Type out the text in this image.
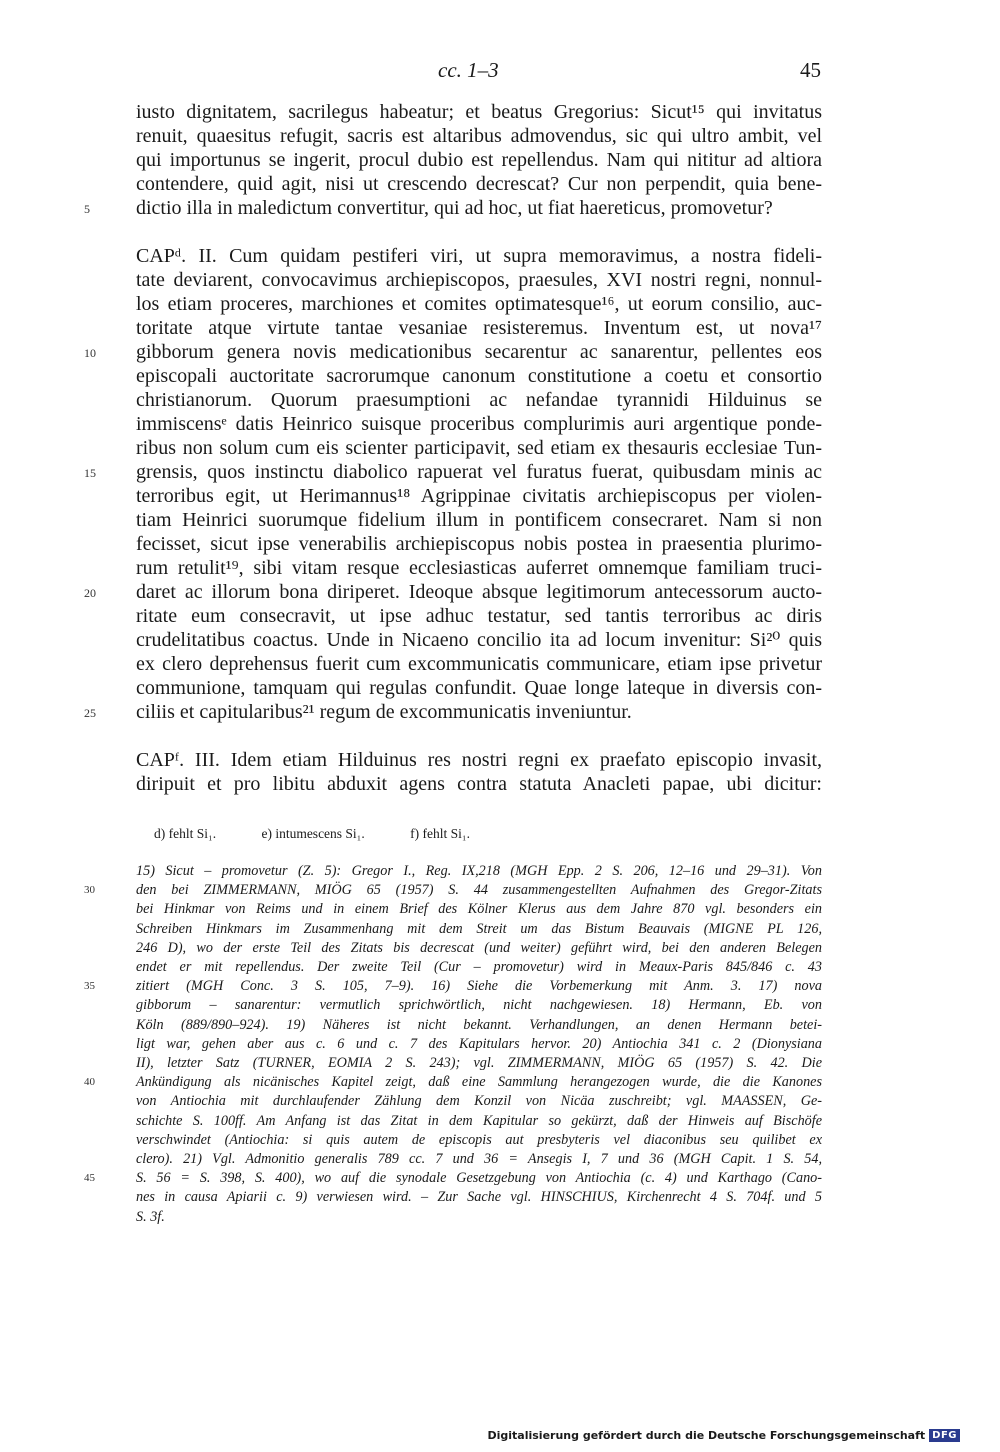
cc. 1–3	45
iusto dignitatem, sacrilegus habeatur; et beatus Gregorius: Sicut¹⁵ qui invitatus
renuit, quaesitus refugit, sacris est altaribus admovendus, sic qui ultro ambit, vel
qui importunus se ingerit, procul dubio est repellendus. Nam qui nititur ad altiora
contendere, quid agit, nisi ut crescendo decrescat? Cur non perpendit, quia bene-
dictio illa in maledictum convertitur, qui ad hoc, ut fiat haereticus, promovetur?
5
CAPᵈ. II. Cum quidam pestiferi viri, ut supra memoravimus, a nostra fideli-
tate deviarent, convocavimus archiepiscopos, praesules, XVI nostri regni, nonnul-
los etiam proceres, marchiones et comites optimatesque¹⁶, ut eorum consilio, auc-
toritate atque virtute tantae vesaniae resisteremus. Inventum est, ut nova¹⁷
gibborum genera novis medicationibus secarentur ac sanarentur, pellentes eos
10
episcopali auctoritate sacrorumque canonum constitutione a coetu et consortio
christianorum. Quorum praesumptioni ac nefandae tyrannidi Hilduinus se
immiscensᵉ datis Heinrico suisque proceribus complurimis auri argentique ponde-
ribus non solum cum eis scienter participavit, sed etiam ex thesauris ecclesiae Tun-
grensis, quos instinctu diabolico rapuerat vel furatus fuerat, quibusdam minis ac
15
terroribus egit, ut Herimannus¹⁸ Agrippinae civitatis archiepiscopus per violen-
tiam Heinrici suorumque fidelium illum in pontificem consecraret. Nam si non
fecisset, sicut ipse venerabilis archiepiscopus nobis postea in praesentia plurimo-
rum retulit¹⁹, sibi vitam resque ecclesiasticas auferret omnemque familiam truci-
daret ac illorum bona diriperet. Ideoque absque legitimorum antecessorum aucto-
20
ritate eum consecravit, ut ipse adhuc testatur, sed tantis terroribus ac diris
crudelitatibus coactus. Unde in Nicaeno concilio ita ad locum invenitur: Si²⁰ quis
ex clero deprehensus fuerit cum excommunicatis communicare, etiam ipse privetur
communione, tamquam qui regulas confundit. Quae longe lateque in diversis con-
ciliis et capitularibus²¹ regum de excommunicatis inveniuntur.
25
CAPᶠ. III. Idem etiam Hilduinus res nostri regni ex praefato episcopio invasit,
diripuit et pro libitu abduxit agens contra statuta Anacleti papae, ubi dicitur:
d) fehlt Si₁.	e) intumescens Si₁.	f) fehlt Si₁.
15) Sicut – promovetur (Z. 5): Gregor I., Reg. IX,218 (MGH Epp. 2 S. 206, 12–16 und 29–31). Von
den bei ZIMMERMANN, MIÖG 65 (1957) S. 44 zusammengestellten Aufnahmen des Gregor-Zitats
30
bei Hinkmar von Reims und in einem Brief des Kölner Klerus aus dem Jahre 870 vgl. besonders ein
Schreiben Hinkmars im Zusammenhang mit dem Streit um das Bistum Beauvais (MIGNE PL 126,
246 D), wo der erste Teil des Zitats bis decrescat (und weiter) geführt wird, bei den anderen Belegen
endet er mit repellendus. Der zweite Teil (Cur – promovetur) wird in Meaux-Paris 845/846 c. 43
zitiert (MGH Conc. 3 S. 105, 7–9). 16) Siehe die Vorbemerkung mit Anm. 3. 17) nova
35
gibborum – sanarentur: vermutlich sprichwörtlich, nicht nachgewiesen. 18) Hermann, Eb. von
Köln (889/890–924). 19) Näheres ist nicht bekannt. Verhandlungen, an denen Hermann betei-
ligt war, gehen aber aus c. 6 und c. 7 des Kapitulars hervor. 20) Antiochia 341 c. 2 (Dionysiana
II), letzter Satz (TURNER, EOMIA 2 S. 243); vgl. ZIMMERMANN, MIÖG 65 (1957) S. 42. Die
Ankündigung als nicänisches Kapitel zeigt, daß eine Sammlung herangezogen wurde, die die Kanones
40
von Antiochia mit durchlaufender Zählung dem Konzil von Nicäa zuschreibt; vgl. MAASSEN, Ge-
schichte S. 100ff. Am Anfang ist das Zitat in dem Kapitular so gekürzt, daß der Hinweis auf Bischöfe
verschwindet (Antiochia: si quis autem de episcopis aut presbyteris vel diaconibus seu quilibet ex
clero). 21) Vgl. Admonitio generalis 789 cc. 7 und 36 = Ansegis I, 7 und 36 (MGH Capit. 1 S. 54,
S. 56 = S. 398, S. 400), wo auf die synodale Gesetzgebung von Antiochia (c. 4) und Karthago (Cano-
45
nes in causa Apiarii c. 9) verwiesen wird. – Zur Sache vgl. HINSCHIUS, Kirchenrecht 4 S. 704f. und 5
S. 3f.
Digitalisierung gefördert durch die Deutsche Forschungsgemeinschaft DFG
